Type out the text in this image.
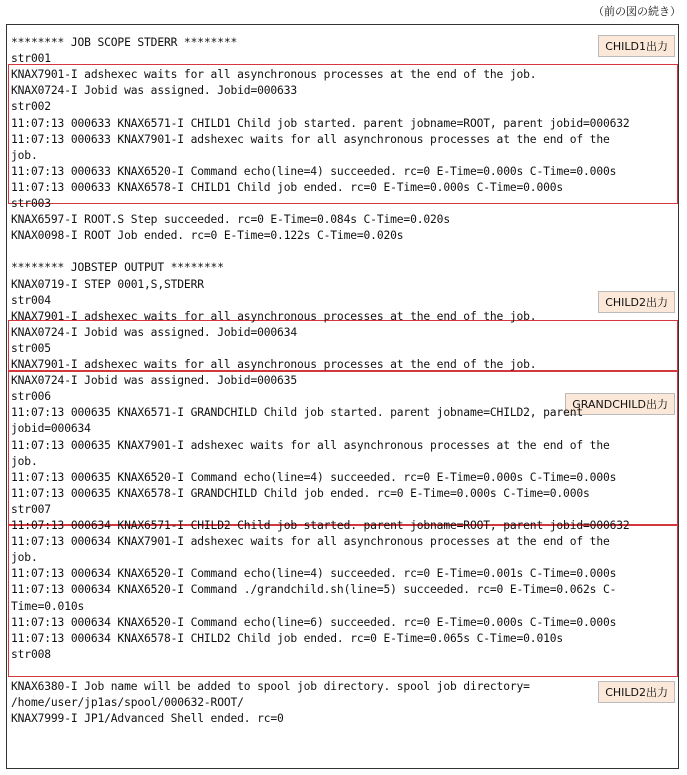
（前の図の続き）
CHILD1出力
CHILD2出力
GRANDCHILD出力
CHILD2出力
******** JOB SCOPE STDERR ********
str001
KNAX7901-I adshexec waits for all asynchronous processes at the end of the job.
KNAX0724-I Jobid was assigned. Jobid=000633
str002
11:07:13 000633 KNAX6571-I CHILD1 Child job started. parent jobname=ROOT, parent jobid=000632
11:07:13 000633 KNAX7901-I adshexec waits for all asynchronous processes at the end of the
job.
11:07:13 000633 KNAX6520-I Command echo(line=4) succeeded. rc=0 E-Time=0.000s C-Time=0.000s
11:07:13 000633 KNAX6578-I CHILD1 Child job ended. rc=0 E-Time=0.000s C-Time=0.000s
str003
KNAX6597-I ROOT.S Step succeeded. rc=0 E-Time=0.084s C-Time=0.020s
KNAX0098-I ROOT Job ended. rc=0 E-Time=0.122s C-Time=0.020s
******** JOBSTEP OUTPUT ********
KNAX0719-I STEP 0001,S,STDERR
str004
KNAX7901-I adshexec waits for all asynchronous processes at the end of the job.
KNAX0724-I Jobid was assigned. Jobid=000634
str005
KNAX7901-I adshexec waits for all asynchronous processes at the end of the job.
KNAX0724-I Jobid was assigned. Jobid=000635
str006
11:07:13 000635 KNAX6571-I GRANDCHILD Child job started. parent jobname=CHILD2, parent
jobid=000634
11:07:13 000635 KNAX7901-I adshexec waits for all asynchronous processes at the end of the
job.
11:07:13 000635 KNAX6520-I Command echo(line=4) succeeded. rc=0 E-Time=0.000s C-Time=0.000s
11:07:13 000635 KNAX6578-I GRANDCHILD Child job ended. rc=0 E-Time=0.000s C-Time=0.000s
str007
11:07:13 000634 KNAX6571-I CHILD2 Child job started. parent jobname=ROOT, parent jobid=000632
11:07:13 000634 KNAX7901-I adshexec waits for all asynchronous processes at the end of the
job.
11:07:13 000634 KNAX6520-I Command echo(line=4) succeeded. rc=0 E-Time=0.001s C-Time=0.000s
11:07:13 000634 KNAX6520-I Command ./grandchild.sh(line=5) succeeded. rc=0 E-Time=0.062s C-
Time=0.010s
11:07:13 000634 KNAX6520-I Command echo(line=6) succeeded. rc=0 E-Time=0.000s C-Time=0.000s
11:07:13 000634 KNAX6578-I CHILD2 Child job ended. rc=0 E-Time=0.065s C-Time=0.010s
str008
KNAX6380-I Job name will be added to spool job directory. spool job directory=
/home/user/jp1as/spool/000632-ROOT/
KNAX7999-I JP1/Advanced Shell ended. rc=0
